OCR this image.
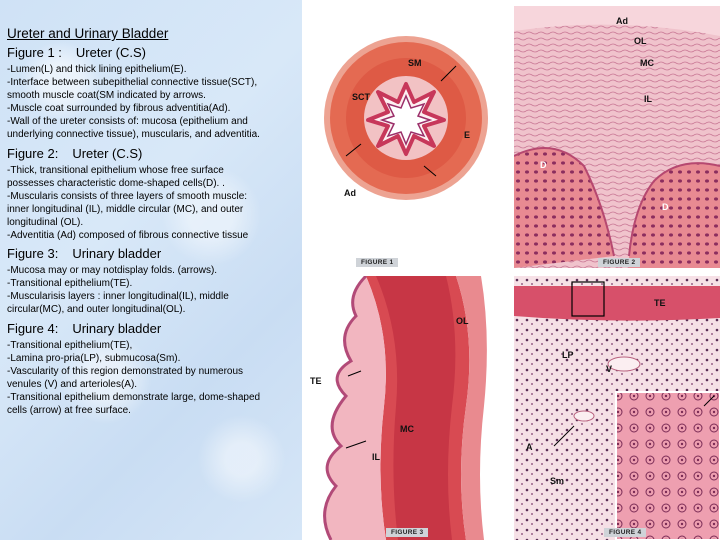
Ureter and Urinary Bladder
Figure 1 : Ureter (C.S)
-Lumen(L) and thick lining epithelium(E).
-Interface between subepithelial connective tissue(SCT),
smooth muscle coat(SM indicated by arrows.
-Muscle coat surrounded by fibrous adventitia(Ad).
-Wall of the ureter consists of: mucosa (epithelium and
underlying connective tissue), muscularis, and adventitia.
Figure 2: Ureter (C.S)
-Thick, transitional epithelium whose free surface
possesses characteristic dome-shaped cells(D). .
-Muscularis consists of three layers of smooth muscle:
inner longitudinal (IL), middle circular (MC), and outer
longitudinal (OL).
-Adventitia (Ad) composed of fibrous connective tissue
Figure 3: Urinary bladder
-Mucosa may or may notdisplay folds. (arrows).
-Transitional epithelium(TE).
-Muscularisis layers : inner longitudinal(IL), middle
circular(MC), and outer longitudinal(OL).
Figure 4: Urinary bladder
-Transitional epithelium(TE),
-Lamina pro-pria(LP), submucosa(Sm).
-Vascularity of this region demonstrated by numerous
venules (V) and arterioles(A).
-Transitional epithelium demonstrate large, dome-shaped
cells (arrow) at free surface.
SM
SCT
L
E
Ad
FIGURE 1
Ad
OL
MC
IL
D
D
FIGURE 2
OL
TE
MC
IL
FIGURE 3
TE
LP
V
A
Sm
FIGURE 4
